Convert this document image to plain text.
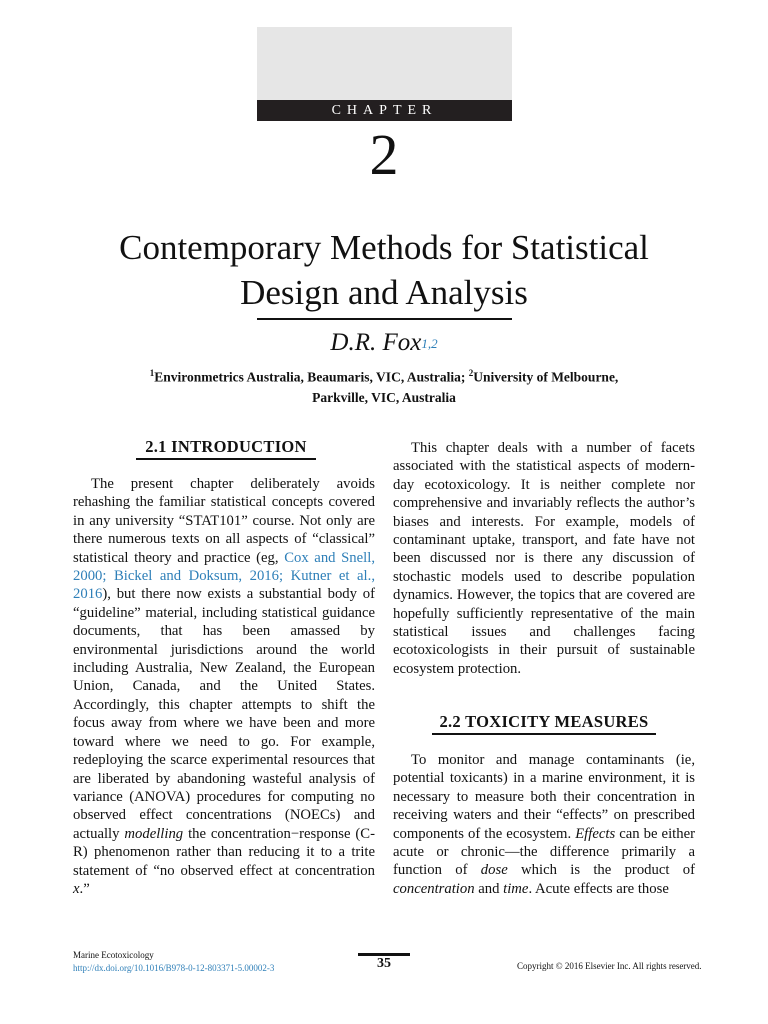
CHAPTER
2
Contemporary Methods for Statistical
Design and Analysis
D.R. Fox$^{1,2}$
$^1$Environmetrics Australia, Beaumaris, VIC, Australia; $^2$University of Melbourne,
Parkville, VIC, Australia
2.1 INTRODUCTION

The present chapter deliberately avoids rehashing the familiar statistical concepts covered in any university “STAT101” course. Not only are there numerous texts on all aspects of “classical” statistical theory and practice (eg, Cox and Snell, 2000; Bickel and Doksum, 2016; Kutner et al., 2016), but there now exists a substantial body of “guideline” material, including statistical guidance documents, that has been amassed by environmental jurisdictions around the world including Australia, New Zealand, the European Union, Canada, and the United States. Accordingly, this chapter attempts to shift the focus away from where we have been and more toward where we need to go. For example, redeploying the scarce experimental resources that are liberated by abandoning wasteful analysis of variance (ANOVA) procedures for computing no observed effect concentrations (NOECs) and actually modelling the concentration−response (C-R) phenomenon rather than reducing it to a trite statement of “no observed effect at concentration x.”

This chapter deals with a number of facets associated with the statistical aspects of modern-day ecotoxicology. It is neither complete nor comprehensive and invariably reflects the author’s biases and interests. For example, models of contaminant uptake, transport, and fate have not been discussed nor is there any discussion of stochastic models used to describe population dynamics. However, the topics that are covered are hopefully sufficiently representative of the main statistical issues and challenges facing ecotoxicologists in their pursuit of sustainable ecosystem protection.

2.2 TOXICITY MEASURES

To monitor and manage contaminants (ie, potential toxicants) in a marine environment, it is necessary to measure both their concentration in receiving waters and their “effects” on prescribed components of the ecosystem. Effects can be either acute or chronic—the difference primarily a function of dose which is the product of concentration and time. Acute effects are those

Marine Ecotoxicology
http://dx.doi.org/10.1016/B978-0-12-803371-5.00002-3	35	Copyright © 2016 Elsevier Inc. All rights reserved.
